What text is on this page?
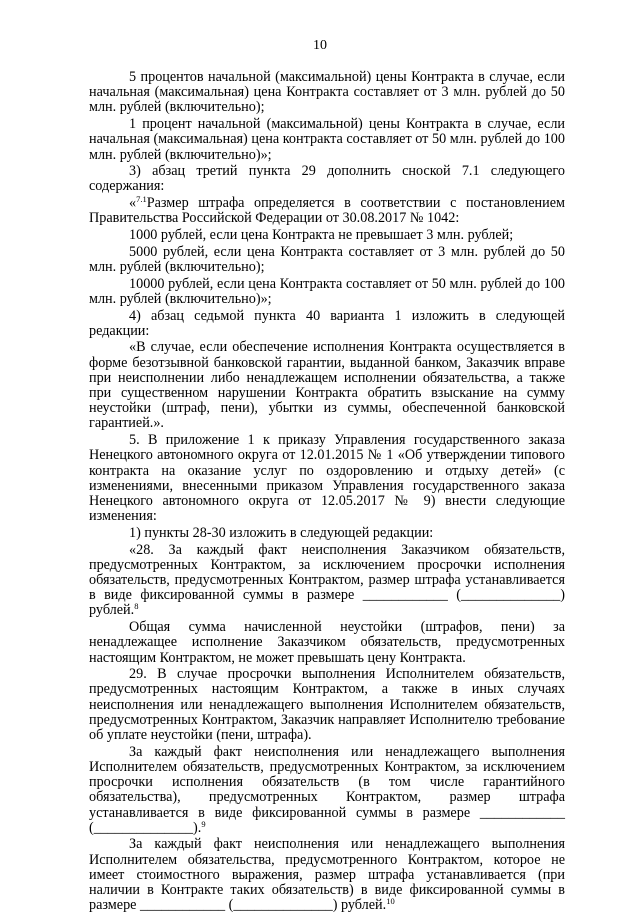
10

5 процентов начальной (максимальной) цены Контракта в случае, если начальная (максимальная) цена Контракта составляет от 3 млн. рублей до 50 млн. рублей (включительно);

1 процент начальной (максимальной) цены Контракта в случае, если начальная (максимальная) цена контракта составляет от 50 млн. рублей до 100 млн. рублей (включительно)»;

3) абзац третий пункта 29 дополнить сноской 7.1 следующего содержания:

«$^{7.1}$Размер штрафа определяется в соответствии с постановлением Правительства Российской Федерации от 30.08.2017 № 1042:

1000 рублей, если цена Контракта не превышает 3 млн. рублей;

5000 рублей, если цена Контракта составляет от 3 млн. рублей до 50 млн. рублей (включительно);

10000 рублей, если цена Контракта составляет от 50 млн. рублей до 100 млн. рублей (включительно)»;

4) абзац седьмой пункта 40 варианта 1 изложить в следующей редакции:

«В случае, если обеспечение исполнения Контракта осуществляется в форме безотзывной банковской гарантии, выданной банком, Заказчик вправе при неисполнении либо ненадлежащем исполнении обязательства, а также при существенном нарушении Контракта обратить взыскание на сумму неустойки (штраф, пени), убытки из суммы, обеспеченной банковской гарантией.».

5. В приложение 1 к приказу Управления государственного заказа Ненецкого автономного округа от 12.01.2015 № 1 «Об утверждении типового контракта на оказание услуг по оздоровлению и отдыху детей» (с изменениями, внесенными приказом Управления государственного заказа Ненецкого автономного округа от 12.05.2017 № 9) внести следующие изменения:

1) пункты 28-30 изложить в следующей редакции:

«28. За каждый факт неисполнения Заказчиком обязательств, предусмотренных Контрактом, за исключением просрочки исполнения обязательств, предусмотренных Контрактом, размер штрафа устанавливается в виде фиксированной суммы в размере ____________ (______________) рублей.$^8$

Общая сумма начисленной неустойки (штрафов, пени) за ненадлежащее исполнение Заказчиком обязательств, предусмотренных настоящим Контрактом, не может превышать цену Контракта.

29. В случае просрочки выполнения Исполнителем обязательств, предусмотренных настоящим Контрактом, а также в иных случаях неисполнения или ненадлежащего выполнения Исполнителем обязательств, предусмотренных Контрактом, Заказчик направляет Исполнителю требование об уплате неустойки (пени, штрафа).

За каждый факт неисполнения или ненадлежащего выполнения Исполнителем обязательств, предусмотренных Контрактом, за исключением просрочки исполнения обязательств (в том числе гарантийного обязательства), предусмотренных Контрактом, размер штрафа устанавливается в виде фиксированной суммы в размере ____________ (______________).$^9$

За каждый факт неисполнения или ненадлежащего выполнения Исполнителем обязательства, предусмотренного Контрактом, которое не имеет стоимостного выражения, размер штрафа устанавливается (при наличии в Контракте таких обязательств) в виде фиксированной суммы в размере ____________ (______________) рублей.$^{10}$
